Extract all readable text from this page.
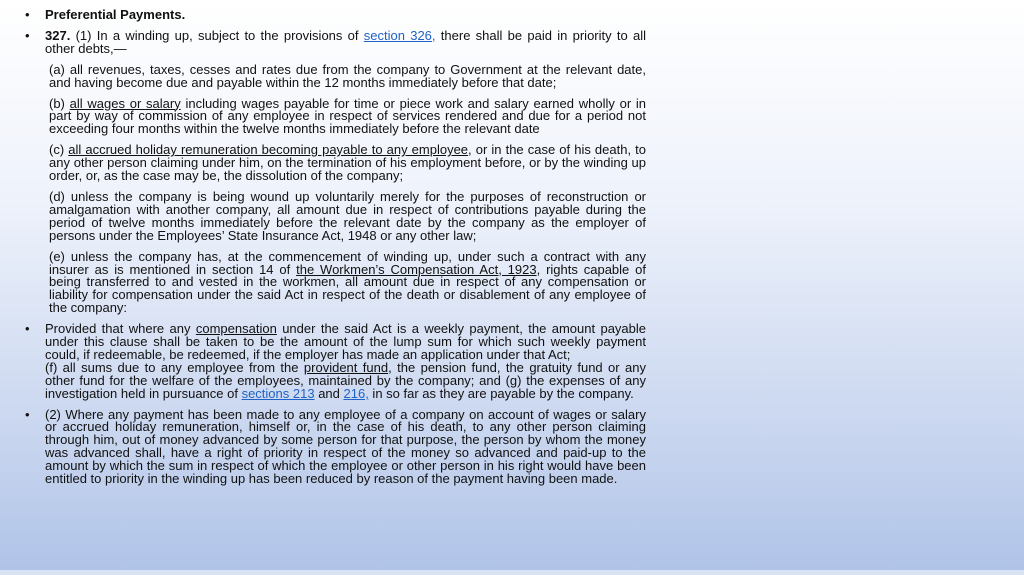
• Preferential Payments.
• 327. (1) In a winding up, subject to the provisions of section 326, there shall be paid in priority to all other debts,—
(a) all revenues, taxes, cesses and rates due from the company to Government at the relevant date, and having become due and payable within the 12 months immediately before that date;
(b) all wages or salary including wages payable for time or piece work and salary earned wholly or in part by way of commission of any employee in respect of services rendered and due for a period not exceeding four months within the twelve months immediately before the relevant date
(c) all accrued holiday remuneration becoming payable to any employee, or in the case of his death, to any other person claiming under him, on the termination of his employment before, or by the winding up order, or, as the case may be, the dissolution of the company;
(d) unless the company is being wound up voluntarily merely for the purposes of reconstruction or amalgamation with another company, all amount due in respect of contributions payable during the period of twelve months immediately before the relevant date by the company as the employer of persons under the Employees’ State Insurance Act, 1948 or any other law;
(e) unless the company has, at the commencement of winding up, under such a contract with any insurer as is mentioned in section 14 of the Workmen’s Compensation Act, 1923, rights capable of being transferred to and vested in the workmen, all amount due in respect of any compensation or liability for compensation under the said Act in respect of the death or disablement of any employee of the company:
• Provided that where any compensation under the said Act is a weekly payment, the amount payable under this clause shall be taken to be the amount of the lump sum for which such weekly payment could, if redeemable, be redeemed, if the employer has made an application under that Act;
(f) all sums due to any employee from the provident fund, the pension fund, the gratuity fund or any other fund for the welfare of the employees, maintained by the company; and (g) the expenses of any investigation held in pursuance of sections 213 and 216, in so far as they are payable by the company.
• (2) Where any payment has been made to any employee of a company on account of wages or salary or accrued holiday remuneration, himself or, in the case of his death, to any other person claiming through him, out of money advanced by some person for that purpose, the person by whom the money was advanced shall, have a right of priority in respect of the money so advanced and paid-up to the amount by which the sum in respect of which the employee or other person in his right would have been entitled to priority in the winding up has been reduced by reason of the payment having been made.
